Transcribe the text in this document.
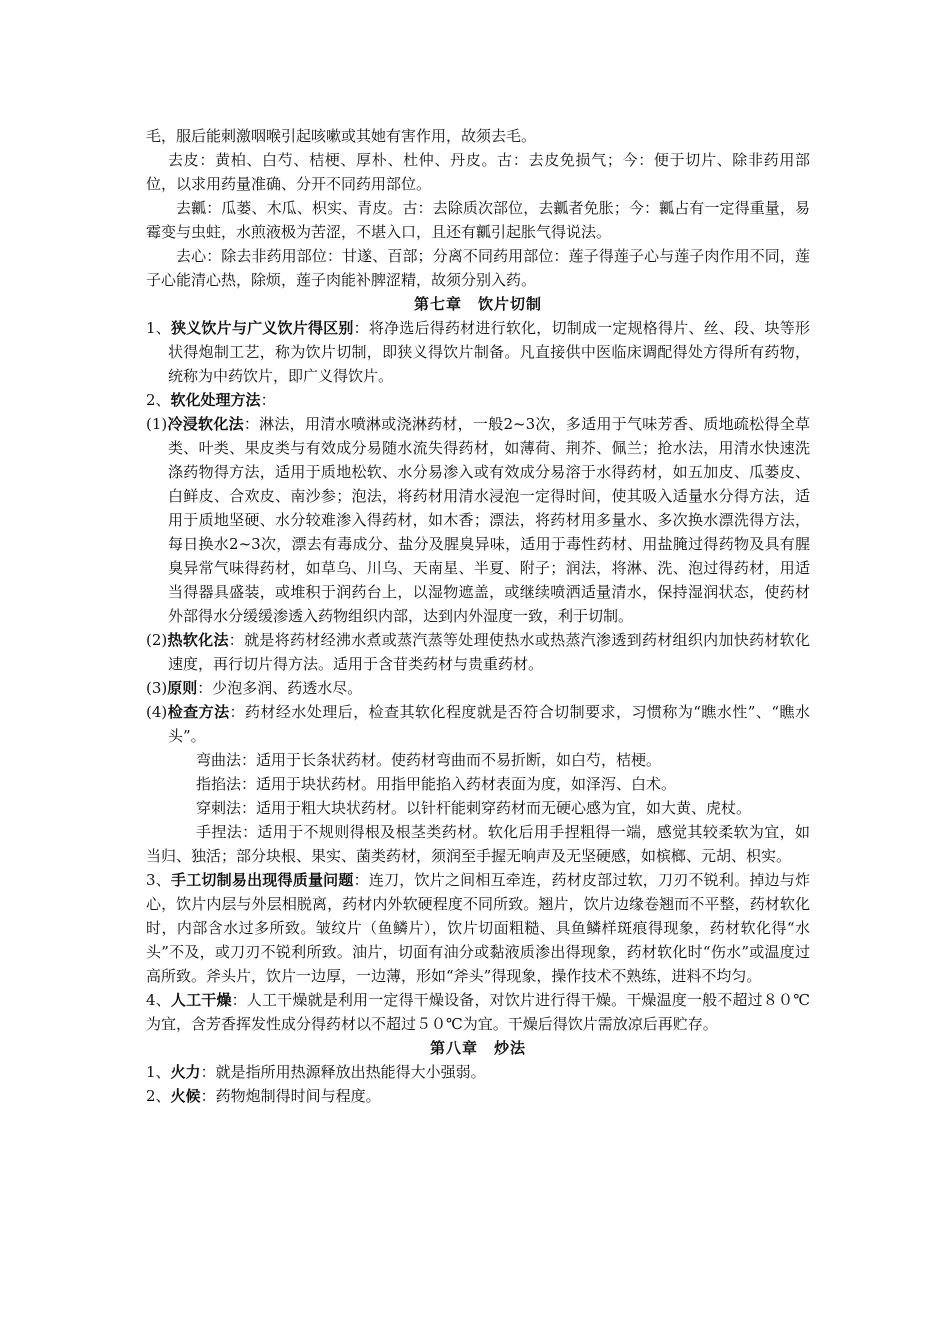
毛，服后能刺激咽喉引起咳嗽或其她有害作用，故须去毛。

去皮：黄柏、白芍、桔梗、厚朴、杜仲、丹皮。古：去皮免损气；今：便于切片、除非药用部位，以求用药量准确、分开不同药用部位。

去瓤：瓜蒌、木瓜、枳实、青皮。古：去除质次部位，去瓤者免胀；今：瓤占有一定得重量，易霉变与虫蛀，水煎液极为苦涩，不堪入口，且还有瓤引起胀气得说法。

去心：除去非药用部位：甘遂、百部；分离不同药用部位：莲子得莲子心与莲子肉作用不同，莲子心能清心热，除烦，莲子肉能补脾涩精，故须分别入药。

第七章　饮片切制

1、狭义饮片与广义饮片得区别：将净选后得药材进行软化，切制成一定规格得片、丝、段、块等形状得炮制工艺，称为饮片切制，即狭义得饮片制备。凡直接供中医临床调配得处方得所有药物，统称为中药饮片，即广义得饮片。

2、软化处理方法：

(1)冷浸软化法：淋法，用清水喷淋或浇淋药材，一般2~3次，多适用于气味芳香、质地疏松得全草类、叶类、果皮类与有效成分易随水流失得药材，如薄荷、荆芥、佩兰；抢水法，用清水快速洗涤药物得方法，适用于质地松软、水分易渗入或有效成分易溶于水得药材，如五加皮、瓜蒌皮、白鲜皮、合欢皮、南沙参；泡法，将药材用清水浸泡一定得时间，使其吸入适量水分得方法，适用于质地坚硬、水分较难渗入得药材，如木香；漂法，将药材用多量水、多次换水漂洗得方法，每日换水2~3次，漂去有毒成分、盐分及腥臭异味，适用于毒性药材、用盐腌过得药物及具有腥臭异常气味得药材，如草乌、川乌、天南星、半夏、附子；润法，将淋、洗、泡过得药材，用适当得器具盛装，或堆积于润药台上，以湿物遮盖，或继续喷洒适量清水，保持湿润状态，使药材外部得水分缓缓渗透入药物组织内部，达到内外湿度一致，利于切制。

(2)热软化法：就是将药材经沸水煮或蒸汽蒸等处理使热水或热蒸汽渗透到药材组织内加快药材软化速度，再行切片得方法。适用于含苷类药材与贵重药材。

(3)原则：少泡多润、药透水尽。

(4)检查方法：药材经水处理后，检查其软化程度就是否符合切制要求，习惯称为“瞧水性”、“瞧水头”。

弯曲法：适用于长条状药材。使药材弯曲而不易折断，如白芍，桔梗。

指掐法：适用于块状药材。用指甲能掐入药材表面为度，如泽泻、白术。

穿刺法：适用于粗大块状药材。以针杆能刺穿药材而无硬心感为宜，如大黄、虎杖。

手捏法：适用于不规则得根及根茎类药材。软化后用手捏粗得一端，感觉其较柔软为宜，如当归、独活；部分块根、果实、菌类药材，须润至手握无响声及无坚硬感，如槟榔、元胡、枳实。

3、手工切制易出现得质量问题：连刀，饮片之间相互牵连，药材皮部过软，刀刃不锐利。掉边与炸心，饮片内层与外层相脱离，药材内外软硬程度不同所致。翘片，饮片边缘卷翘而不平整，药材软化时，内部含水过多所致。皱纹片（鱼鳞片），饮片切面粗糙、具鱼鳞样斑痕得现象，药材软化得“水头”不及，或刀刃不锐利所致。油片，切面有油分或黏液质渗出得现象，药材软化时“伤水”或温度过高所致。斧头片，饮片一边厚，一边薄，形如“斧头”得现象，操作技术不熟练，进料不均匀。

4、人工干燥：人工干燥就是利用一定得干燥设备，对饮片进行得干燥。干燥温度一般不超过８０℃为宜，含芳香挥发性成分得药材以不超过５０℃为宜。干燥后得饮片需放凉后再贮存。

第八章　炒法

1、火力：就是指所用热源释放出热能得大小强弱。

2、火候：药物炮制得时间与程度。
